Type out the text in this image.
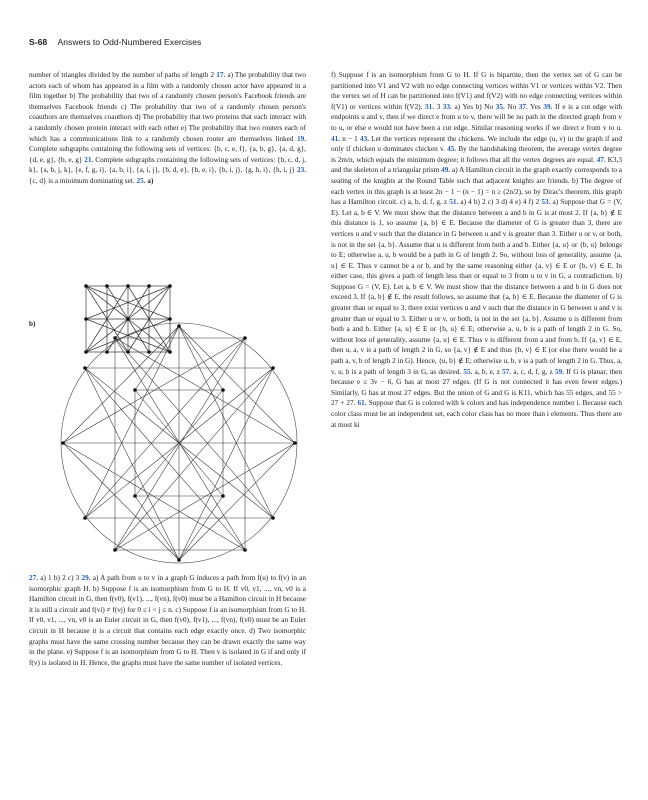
S-68 Answers to Odd-Numbered Exercises

number of triangles divided by the number of paths of length 2 17. a) The probability that two actors each of whom has appeared in a film with a randomly chosen actor have appeared in a film together b) The probability that two of a randomly chosen person's Facebook friends are themselves Facebook friends c) The probability that two of a randomly chosen person's coauthors are themselves coauthors d) The probability that two proteins that each interact with a randomly chosen protein interact with each other e) The probability that two routers each of which has a communications link to a randomly chosen router are themselves linked 19. Complete subgraphs containing the following sets of vertices: {b, c, e, f}, {a, b, g}, {a, d, g}, {d, e, g}, {b, e, g} 21. Complete subgraphs containing the following sets of vertices: {b, c, d, j, k}, {a, b, j, k}, {e, f, g, i}, {a, b, i}, {a, i, j}, {b, d, e}, {b, e, i}, {b, i, j}, {g, h, i}, {h, i, j} 23. {c, d} is a minimum dominating set. 25. a)

b)

27. a) 1 b) 2 c) 3 29. a) A path from u to v in a graph G induces a path from f(u) to f(v) in an isomorphic graph H. b) Suppose f is an isomorphism from G to H. If v0, v1, ..., vn, v0 is a Hamilton circuit in G, then f(v0), f(v1), ..., f(vn), f(v0) must be a Hamilton circuit in H because it is still a circuit and f(vi) ≠ f(vj) for 0 ≤ i < j ≤ n. c) Suppose f is an isomorphism from G to H. If v0, v1, ..., vn, v0 is an Euler circuit in G, then f(v0), f(v1), ..., f(vn), f(v0) must be an Euler circuit in H because it is a circuit that contains each edge exactly once. d) Two isomorphic graphs must have the same crossing number because they can be drawn exactly the same way in the plane. e) Suppose f is an isomorphism from G to H. Then v is isolated in G if and only if f(v) is isolated in H. Hence, the graphs must have the same number of isolated vertices.

f) Suppose f is an isomorphism from G to H. If G is bipartite, then the vertex set of G can be partitioned into V1 and V2 with no edge connecting vertices within V1 or vertices within V2. Then the vertex set of H can be partitioned into f(V1) and f(V2) with no edge connecting vertices within f(V1) or vertices within f(V2). 31. 3 33. a) Yes b) No 35. No 37. Yes 39. If e is a cut edge with endpoints u and v, then if we direct e from u to v, there will be no path in the directed graph from v to u, or else e would not have been a cut edge. Similar reasoning works if we direct e from v to u. 41. n − 1 43. Let the vertices represent the chickens. We include the edge (u, v) in the graph if and only if chicken u dominates chicken v. 45. By the handshaking theorem, the average vertex degree is 2m/n, which equals the minimum degree; it follows that all the vertex degrees are equal. 47. K3,3 and the skeleton of a triangular prism 49. a) A Hamilton circuit in the graph exactly corresponds to a seating of the knights at the Round Table such that adjacent knights are friends. b) The degree of each vertex in this graph is at least 2n − 1 − (n − 1) = n ≥ (2n/2), so by Dirac's theorem, this graph has a Hamilton circuit. c) a, b, d, f, g, z 51. a) 4 b) 2 c) 3 d) 4 e) 4 f) 2 53. a) Suppose that G = (V, E). Let a, b ∈ V. We must show that the distance between a and b in G is at most 2. If {a, b} ∉ E this distance is 1, so assume {a, b} ∈ E. Because the diameter of G is greater than 3, there are vertices u and v such that the distance in G between u and v is greater than 3. Either u or v, or both, is not in the set {a, b}. Assume that u is different from both a and b. Either {a, u} or {b, u} belongs to E; otherwise a, u, b would be a path in G of length 2. So, without loss of generality, assume {a, u} ∈ E. Thus v cannot be a or b, and by the same reasoning either {a, v} ∈ E or {b, v} ∈ E. In either case, this gives a path of length less than or equal to 3 from u to v in G, a contradiction. b) Suppose G = (V, E). Let a, b ∈ V. We must show that the distance between a and b in G does not exceed 3. If {a, b} ∉ E, the result follows, so assume that {a, b} ∈ E. Because the diameter of G is greater than or equal to 3, there exist vertices u and v such that the distance in G between u and v is greater than or equal to 3. Either u or v, or both, is not in the set {a, b}. Assume u is different from both a and b. Either {a, u} ∈ E or {b, u} ∈ E; otherwise a, u, b is a path of length 2 in G. So, without loss of generality, assume {a, u} ∈ E. Thus v is different from a and from b. If {a, v} ∈ E, then u, a, v is a path of length 2 in G, so {a, v} ∉ E and thus {b, v} ∈ E (or else there would be a path a, v, b of length 2 in G). Hence, {u, b} ∉ E; otherwise u, b, v is a path of length 2 in G. Thus, a, v, u, b is a path of length 3 in G, as desired. 55. a, b, e, z 57. a, c, d, f, g, z 59. If G is planar, then because e ≤ 3v − 6, G has at most 27 edges. (If G is not connected it has even fewer edges.) Similarly, G has at most 27 edges. But the union of G and G is K11, which has 55 edges, and 55 > 27 + 27. 61. Suppose that G is colored with k colors and has independence number i. Because each color class must be an independent set, each color class has no more than i elements. Thus there are at most ki
